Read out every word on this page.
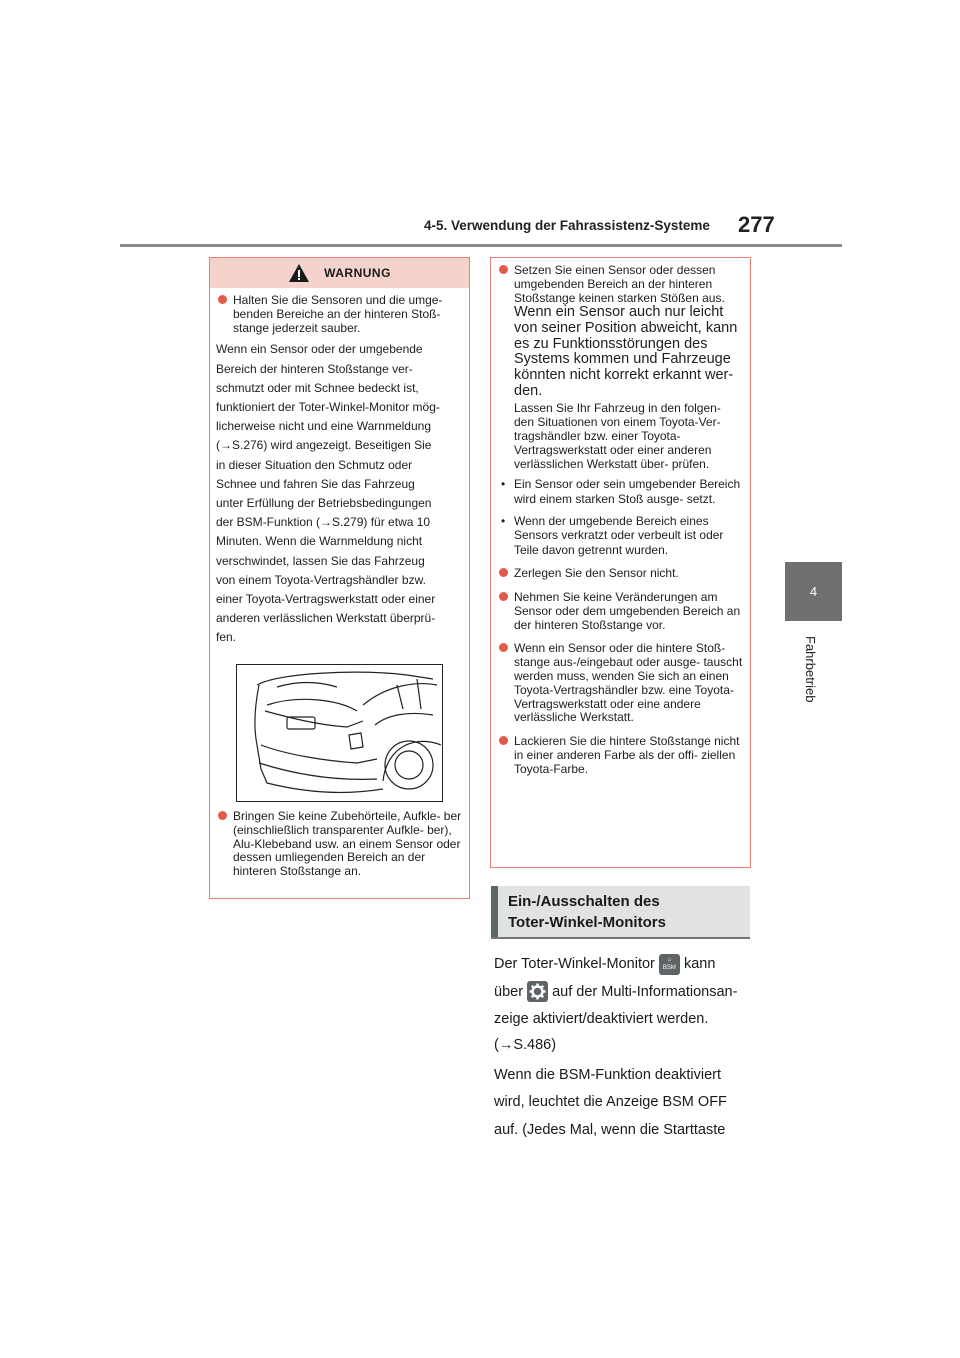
4-5. Verwendung der Fahrassistenz-Systeme 277
4
Fahrbetrieb
WARNUNG
Halten Sie die Sensoren und die umge- benden Bereiche an der hinteren Stoß- stange jederzeit sauber.
Wenn ein Sensor oder der umgebende
Bereich der hinteren Stoßstange ver-
schmutzt oder mit Schnee bedeckt ist,
funktioniert der Toter-Winkel-Monitor mög-
licherweise nicht und eine Warnmeldung
(→S.276) wird angezeigt. Beseitigen Sie
in dieser Situation den Schmutz oder
Schnee und fahren Sie das Fahrzeug
unter Erfüllung der Betriebsbedingungen
der BSM-Funktion (→S.279) für etwa 10
Minuten. Wenn die Warnmeldung nicht
verschwindet, lassen Sie das Fahrzeug
von einem Toyota-Vertragshändler bzw.
einer Toyota-Vertragswerkstatt oder einer
anderen verlässlichen Werkstatt überprü-
fen.
Bringen Sie keine Zubehörteile, Aufkle- ber (einschließlich transparenter Aufkle- ber), Alu-Klebeband usw. an einem Sensor oder dessen umliegenden Bereich an der hinteren Stoßstange an.
Setzen Sie einen Sensor oder dessen umgebenden Bereich an der hinteren Stoßstange keinen starken Stößen aus.
Wenn ein Sensor auch nur leicht von seiner Position abweicht, kann es zu Funktionsstörungen des Systems kommen und Fahrzeuge könnten nicht korrekt erkannt wer- den.
Lassen Sie Ihr Fahrzeug in den folgen- den Situationen von einem Toyota-Ver- tragshändler bzw. einer Toyota-Vertragswerkstatt oder einer anderen verlässlichen Werkstatt über- prüfen.
• Ein Sensor oder sein umgebender Bereich wird einem starken Stoß ausge- setzt.
• Wenn der umgebende Bereich eines Sensors verkratzt oder verbeult ist oder Teile davon getrennt wurden.
Zerlegen Sie den Sensor nicht.
Nehmen Sie keine Veränderungen am Sensor oder dem umgebenden Bereich an der hinteren Stoßstange vor.
Wenn ein Sensor oder die hintere Stoß- stange aus-/eingebaut oder ausge- tauscht werden muss, wenden Sie sich an einen Toyota-Vertragshändler bzw. eine Toyota-Vertragswerkstatt oder eine andere verlässliche Werkstatt.
Lackieren Sie die hintere Stoßstange nicht in einer anderen Farbe als der offi- ziellen Toyota-Farbe.
Ein-/Ausschalten des
Toter-Winkel-Monitors
Der Toter-Winkel-Monitor	⌂
BSM kann
über auf der Multi-Informationsan-
zeige aktiviert/deaktiviert werden.
(→S.486)
Wenn die BSM-Funktion deaktiviert
wird, leuchtet die Anzeige BSM OFF
auf. (Jedes Mal, wenn die Starttaste
